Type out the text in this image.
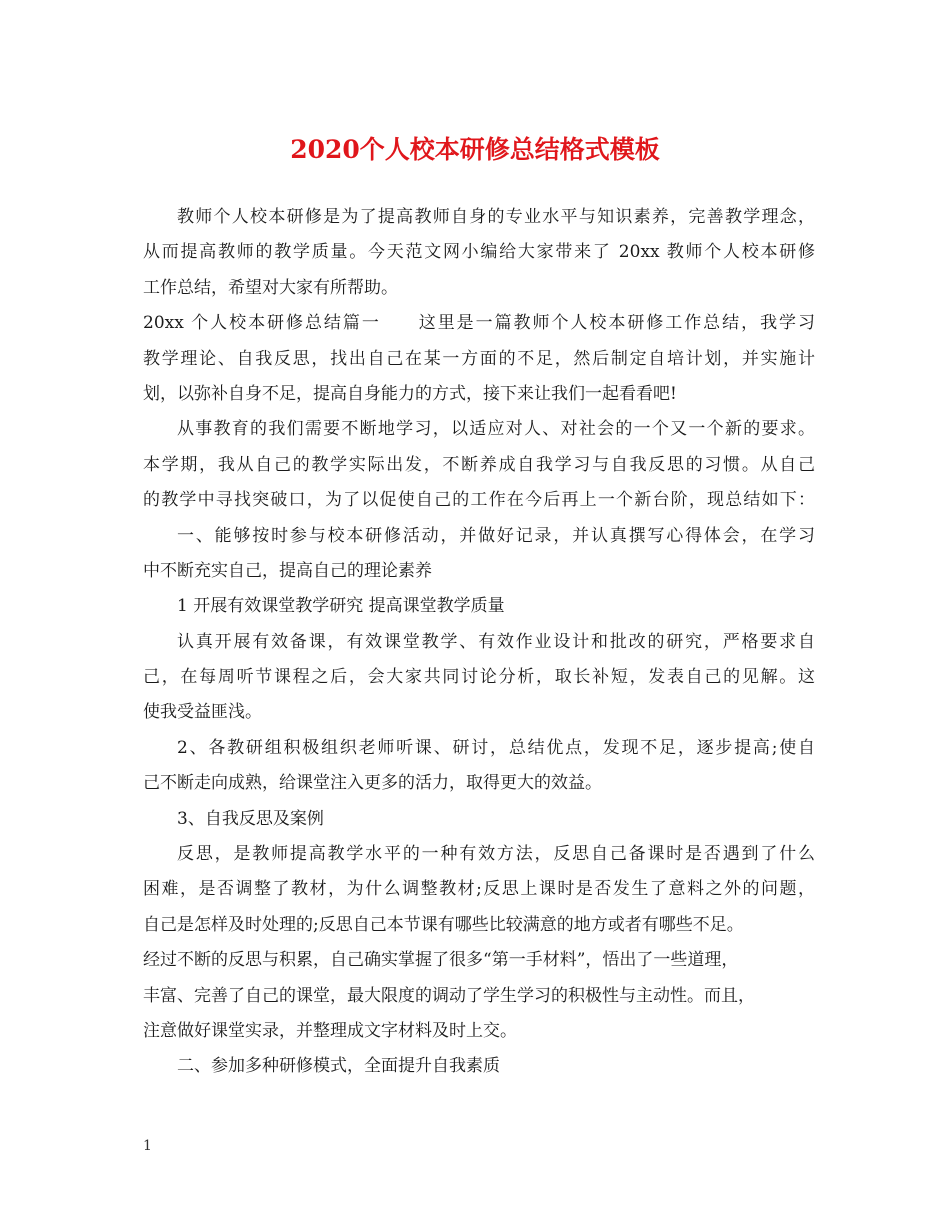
2020个人校本研修总结格式模板
教师个人校本研修是为了提高教师自身的专业水平与知识素养，完善教学理念，
从而提高教师的教学质量。今天范文网小编给大家带来了 20xx 教师个人校本研修
工作总结，希望对大家有所帮助。
20xx 个人校本研修总结篇一　　这里是一篇教师个人校本研修工作总结，我学习
教学理论、自我反思，找出自己在某一方面的不足，然后制定自培计划，并实施计
划，以弥补自身不足，提高自身能力的方式，接下来让我们一起看看吧!
从事教育的我们需要不断地学习，以适应对人、对社会的一个又一个新的要求。
本学期，我从自己的教学实际出发，不断养成自我学习与自我反思的习惯。从自己
的教学中寻找突破口，为了以促使自己的工作在今后再上一个新台阶，现总结如下：
一、能够按时参与校本研修活动，并做好记录，并认真撰写心得体会，在学习
中不断充实自己，提高自己的理论素养
1 开展有效课堂教学研究 提高课堂教学质量
认真开展有效备课，有效课堂教学、有效作业设计和批改的研究，严格要求自
己，在每周听节课程之后，会大家共同讨论分析，取长补短，发表自己的见解。这
使我受益匪浅。
2、各教研组积极组织老师听课、研讨，总结优点，发现不足，逐步提高;使自
己不断走向成熟，给课堂注入更多的活力，取得更大的效益。
3、自我反思及案例
反思，是教师提高教学水平的一种有效方法，反思自己备课时是否遇到了什么
困难，是否调整了教材，为什么调整教材;反思上课时是否发生了意料之外的问题，
自己是怎样及时处理的;反思自己本节课有哪些比较满意的地方或者有哪些不足。
经过不断的反思与积累，自己确实掌握了很多“第一手材料”，悟出了一些道理，
丰富、完善了自己的课堂，最大限度的调动了学生学习的积极性与主动性。而且，
注意做好课堂实录，并整理成文字材料及时上交。
二、参加多种研修模式，全面提升自我素质
1
